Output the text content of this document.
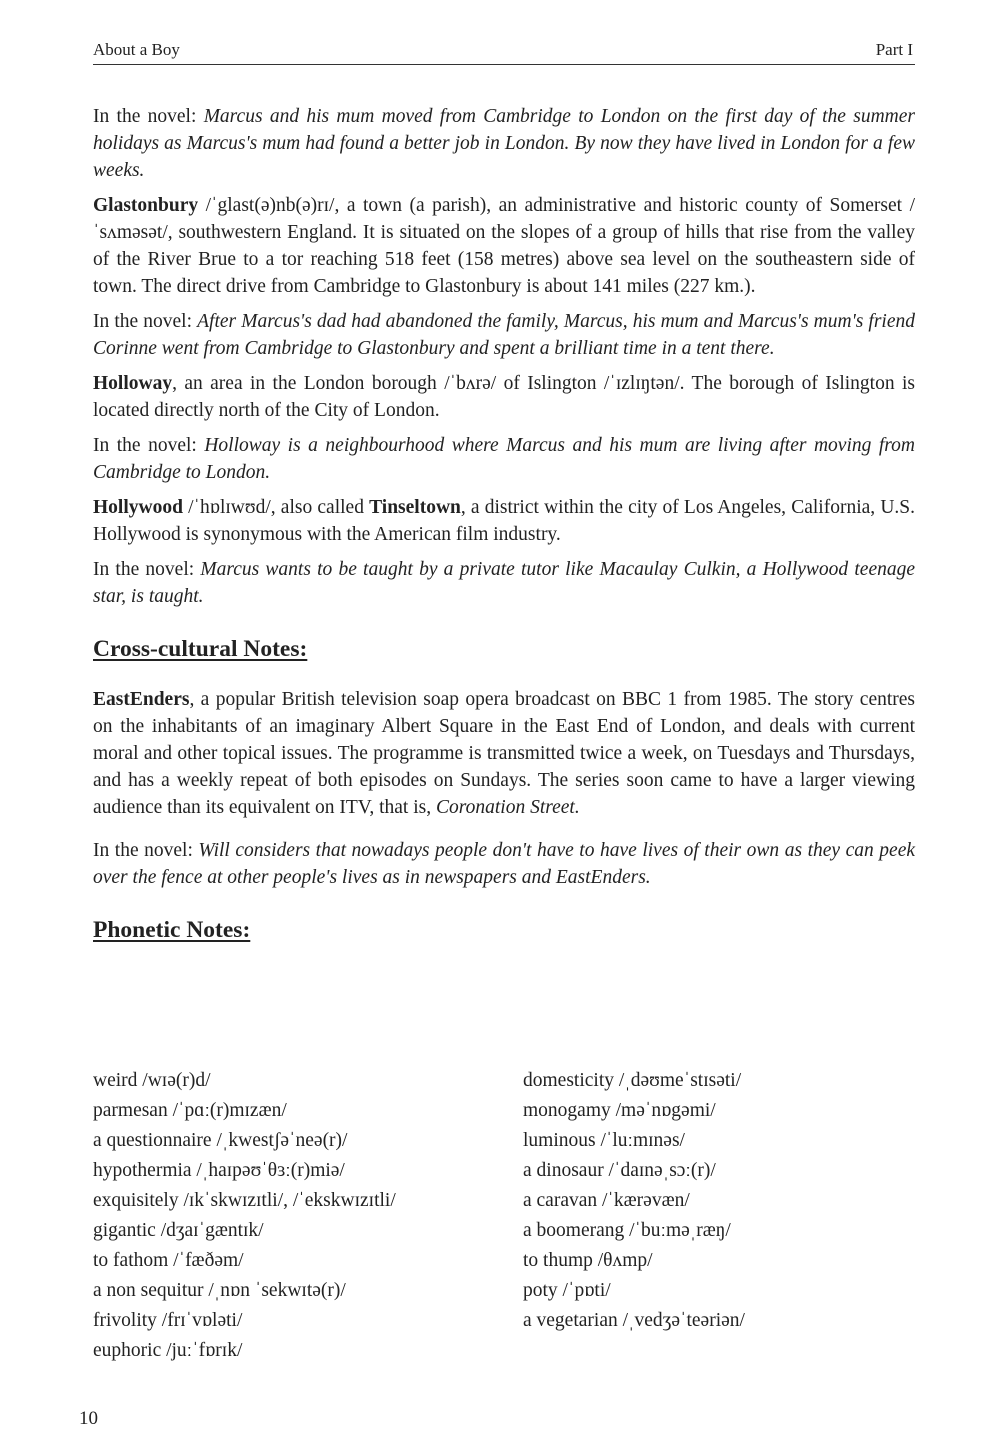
About a Boy	Part I

In the novel: Marcus and his mum moved from Cambridge to London on the first day of the summer holidays as Marcus's mum had found a better job in London. By now they have lived in London for a few weeks.

Glastonbury /ˈglast(ə)nb(ə)rɪ/, a town (a parish), an administrative and historic county of Somerset /ˈsʌməsət/, southwestern England. It is situated on the slopes of a group of hills that rise from the valley of the River Brue to a tor reaching 518 feet (158 metres) above sea level on the southeastern side of town. The direct drive from Cambridge to Glastonbury is about 141 miles (227 km.).

In the novel: After Marcus's dad had abandoned the family, Marcus, his mum and Marcus's mum's friend Corinne went from Cambridge to Glastonbury and spent a brilliant time in a tent there.

Holloway, an area in the London borough /ˈbʌrə/ of Islington /ˈɪzlɪŋtən/. The borough of Islington is located directly north of the City of London.

In the novel: Holloway is a neighbourhood where Marcus and his mum are living after moving from Cambridge to London.

Hollywood /ˈhɒlɪwʊd/, also called Tinseltown, a district within the city of Los Angeles, California, U.S. Hollywood is synonymous with the American film industry.

In the novel: Marcus wants to be taught by a private tutor like Macaulay Culkin, a Hollywood teenage star, is taught.

Cross-cultural Notes:

EastEnders, a popular British television soap opera broadcast on BBC 1 from 1985. The story centres on the inhabitants of an imaginary Albert Square in the East End of London, and deals with current moral and other topical issues. The programme is transmitted twice a week, on Tuesdays and Thursdays, and has a weekly repeat of both episodes on Sundays. The series soon came to have a larger viewing audience than its equivalent on ITV, that is, Coronation Street.

In the novel: Will considers that nowadays people don't have to have lives of their own as they can peek over the fence at other people's lives as in newspapers and EastEnders.

Phonetic Notes:
weird /wɪə(r)d/
parmesan /ˈpɑː(r)mɪzæn/
a questionnaire /ˌkwestʃəˈneə(r)/
hypothermia /ˌhaɪpəʊˈθɜː(r)miə/
exquisitely /ɪkˈskwɪzɪtli/, /ˈekskwɪzɪtli/
gigantic /dʒaɪˈgæntɪk/
to fathom /ˈfæðəm/
a non sequitur /ˌnɒn ˈsekwɪtə(r)/
frivolity /frɪˈvɒləti/
euphoric /juːˈfɒrɪk/
domesticity /ˌdəʊmeˈstɪsəti/
monogamy /məˈnɒgəmi/
luminous /ˈluːmɪnəs/
a dinosaur /ˈdaɪnəˌsɔː(r)/
a caravan /ˈkærəvæn/
a boomerang /ˈbuːməˌræŋ/
to thump /θʌmp/
poty /ˈpɒti/
a vegetarian /ˌvedʒəˈteəriən/
10
